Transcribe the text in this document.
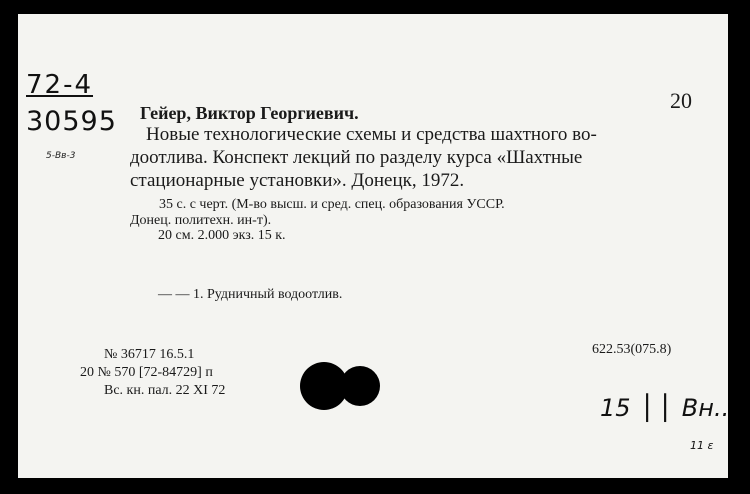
72-4
30595
5-Вв-3
20
Гейер, Виктор Георгиевич.
Новые технологические схемы и средства шахтного во-
доотлива. Конспект лекций по разделу курса «Шахтные
стационарные установки». Донецк, 1972.
35 с. с черт. (М-во высш. и сред. спец. образования УССР.
Донец. политехн. ин-т).
20 см. 2.000 экз. 15 к.
— — 1. Рудничный водоотлив.
622.53(075.8)
№ 36717 16.5.1
20 № 570 [72-84729] п
Вс. кн. пал. 22 XI 72
15 ⎪⎪ Вн..
11 ε
